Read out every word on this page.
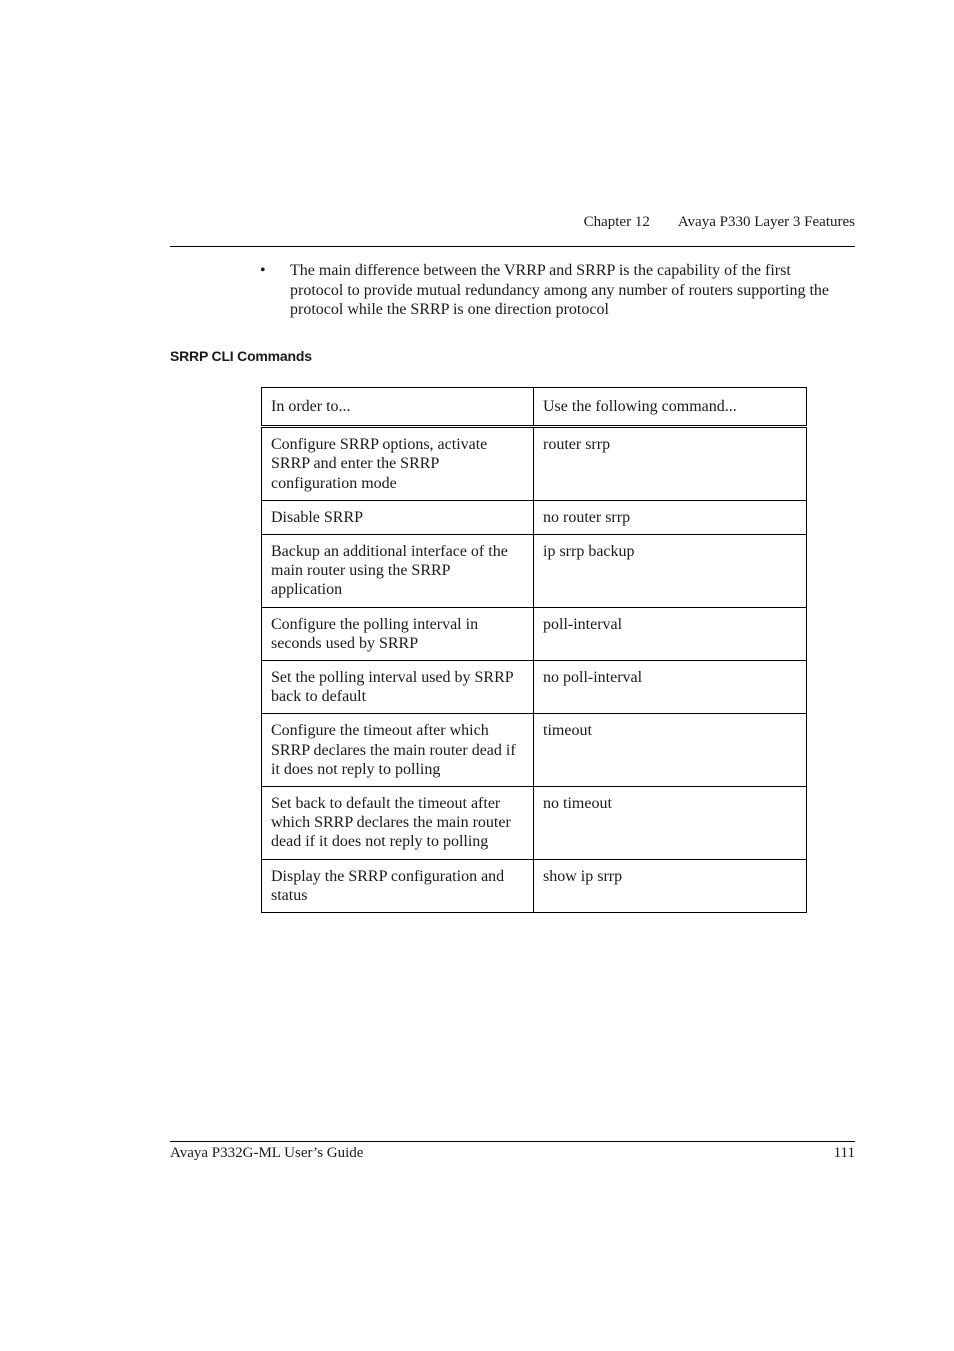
Chapter 12 Avaya P330 Layer 3 Features
• The main difference between the VRRP and SRRP is the capability of the first protocol to provide mutual redundancy among any number of routers supporting the protocol while the SRRP is one direction protocol
SRRP CLI Commands
In order to...	Use the following command...
Configure SRRP options, activate SRRP and enter the SRRP configuration mode	router srrp
Disable SRRP	no router srrp
Backup an additional interface of the main router using the SRRP application	ip srrp backup
Configure the polling interval in seconds used by SRRP	poll-interval
Set the polling interval used by SRRP back to default	no poll-interval
Configure the timeout after which SRRP declares the main router dead if it does not reply to polling	timeout
Set back to default the timeout after which SRRP declares the main router dead if it does not reply to polling	no timeout
Display the SRRP configuration and status	show ip srrp
Avaya P332G-ML User’s Guide	111
